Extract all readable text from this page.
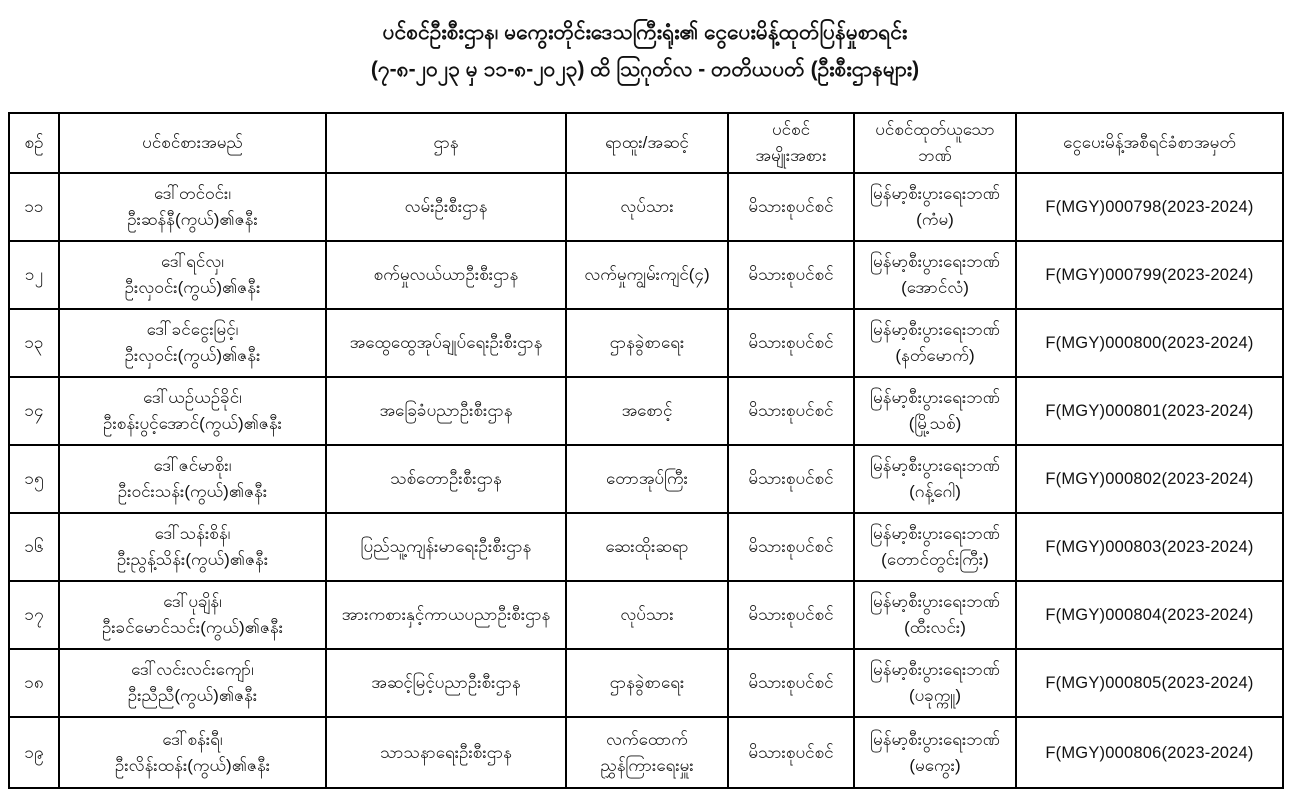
ပင်စင်ဦးစီးဌာန၊ မကွေးတိုင်းဒေသကြီးရုံး၏ ငွေပေးမိန့်ထုတ်ပြန်မှုစာရင်း
(၇-၈-၂၀၂၃ မှ ၁၁-၈-၂၀၂၃) ထိ ဩဂုတ်လ - တတိယပတ် (ဦးစီးဌာနများ)
စဉ်	ပင်စင်စားအမည်	ဌာန	ရာထူး/အဆင့်	ပင်စင်
အမျိုးအစား	ပင်စင်ထုတ်ယူသော
ဘဏ်	ငွေပေးမိန့်အစီရင်ခံစာအမှတ်
၁၁	ဒေါ်တင်ဝင်း၊
ဦးဆန်နီ(ကွယ်)၏ဇနီး	လမ်းဦးစီးဌာန	လုပ်သား	မိသားစုပင်စင်	မြန်မာ့စီးပွားရေးဘဏ်
(ကံမ)	F(MGY)000798(2023-2024)
၁၂	ဒေါ်ရင်လှ၊
ဦးလှဝင်း(ကွယ်)၏ဇနီး	စက်မှုလယ်ယာဦးစီးဌာန	လက်မှုကျွမ်းကျင်(၄)	မိသားစုပင်စင်	မြန်မာ့စီးပွားရေးဘဏ်
(အောင်လံ)	F(MGY)000799(2023-2024)
၁၃	ဒေါ်ခင်ငွေးမြင့်၊
ဦးလှဝင်း(ကွယ်)၏ဇနီး	အထွေထွေအုပ်ချုပ်ရေးဦးစီးဌာန	ဌာနခွဲစာရေး	မိသားစုပင်စင်	မြန်မာ့စီးပွားရေးဘဏ်
(နတ်မောက်)	F(MGY)000800(2023-2024)
၁၄	ဒေါ်ယဉ်ယဉ်ခိုင်၊
ဦးစန်းပွင့်အောင်(ကွယ်)၏ဇနီး	အခြေခံပညာဦးစီးဌာန	အစောင့်	မိသားစုပင်စင်	မြန်မာ့စီးပွားရေးဘဏ်
(မြို့သစ်)	F(MGY)000801(2023-2024)
၁၅	ဒေါ်ဇင်မာစိုး၊
ဦးဝင်းသန်း(ကွယ်)၏ဇနီး	သစ်တောဦးစီးဌာန	တောအုပ်ကြီး	မိသားစုပင်စင်	မြန်မာ့စီးပွားရေးဘဏ်
(ဂန့်ဂေါ)	F(MGY)000802(2023-2024)
၁၆	ဒေါ်သန်းစိန်၊
ဦးညွန့်သိန်း(ကွယ်)၏ဇနီး	ပြည်သူ့ကျန်းမာရေးဦးစီးဌာန	ဆေးထိုးဆရာ	မိသားစုပင်စင်	မြန်မာ့စီးပွားရေးဘဏ်
(တောင်တွင်းကြီး)	F(MGY)000803(2023-2024)
၁၇	ဒေါ်ပုချိန်၊
ဦးခင်မောင်သင်း(ကွယ်)၏ဇနီး	အားကစားနှင့်ကာယပညာဦးစီးဌာန	လုပ်သား	မိသားစုပင်စင်	မြန်မာ့စီးပွားရေးဘဏ်
(ထီးလင်း)	F(MGY)000804(2023-2024)
၁၈	ဒေါ်လင်းလင်းကျော်၊
ဦးညီညီ(ကွယ်)၏ဇနီး	အဆင့်မြင့်ပညာဦးစီးဌာန	ဌာနခွဲစာရေး	မိသားစုပင်စင်	မြန်မာ့စီးပွားရေးဘဏ်
(ပခုက္ကူ)	F(MGY)000805(2023-2024)
၁၉	ဒေါ်စန်းရီ၊
ဦးလိန်းထန်း(ကွယ်)၏ဇနီး	သာသနာရေးဦးစီးဌာန	လက်ထောက်
ညွှန်ကြားရေးမှူး	မိသားစုပင်စင်	မြန်မာ့စီးပွားရေးဘဏ်
(မကွေး)	F(MGY)000806(2023-2024)
